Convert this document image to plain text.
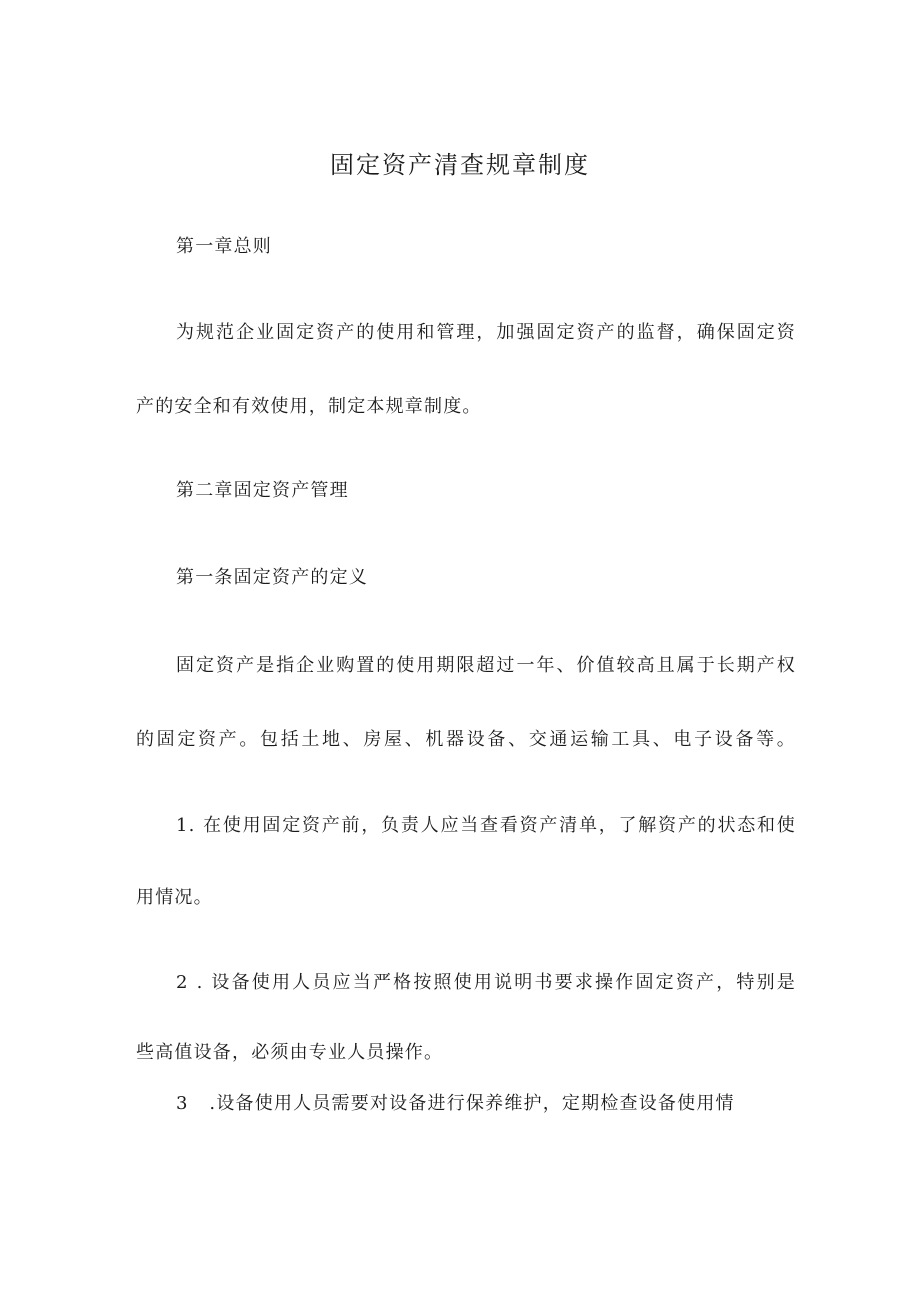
固定资产清查规章制度
第一章总则
为规范企业固定资产的使用和管理，加强固定资产的监督，确保固定资
产的安全和有效使用，制定本规章制度。
第二章固定资产管理
第一条固定资产的定义
固定资产是指企业购置的使用期限超过一年、价值较高且属于长期产权
的固定资产。包括土地、房屋、机器设备、交通运输工具、电子设备等。
1. 在使用固定资产前，负责人应当查看资产清单，了解资产的状态和使
用情况。
2 . 设备使用人员应当严格按照使用说明书要求操作固定资产，特别是
些高值设备，必须由专业人员操作。
3   .设备使用人员需要对设备进行保养维护，定期检查设备使用情
